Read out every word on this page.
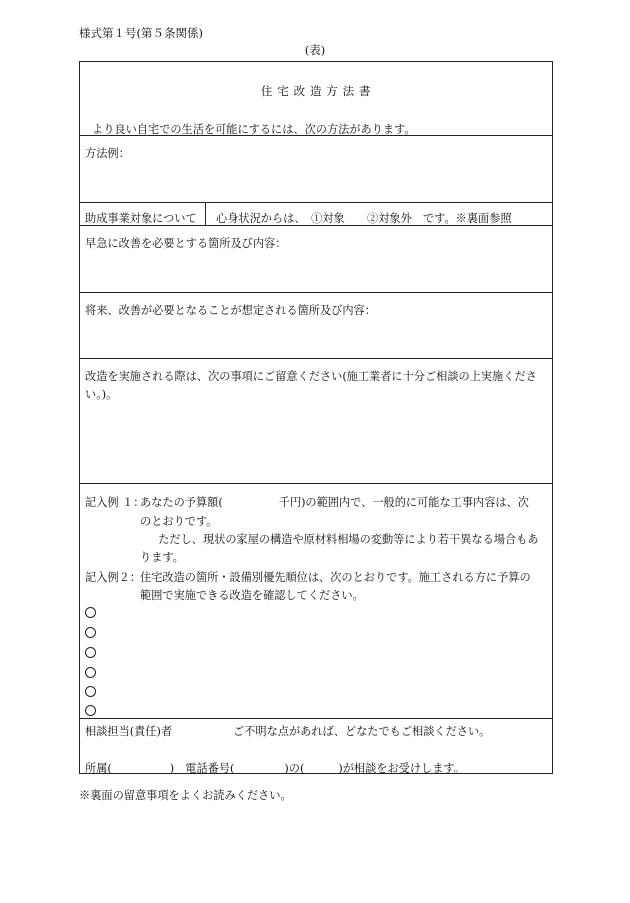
様式第１号(第５条関係)
(表)
住 宅 改 造 方 法 書
より良い自宅での生活を可能にするには、次の方法があります。
方法例：
助成事業対象について 心身状況からは、　①対象　　②対象外　です。※裏面参照
早急に改善を必要とする箇所及び内容：
将来、改善が必要となることが想定される箇所及び内容：
改造を実施される際は、次の事項にご留意ください(施工業者に十分ご相談の上実施ください。)。
記入例 １：
あなたの予算額(	千円)の範囲内で、一般的に可能な工事内容は、次
のとおりです。
　ただし、現状の家屋の構造や原材料相場の変動等により若干異なる場合もあ
ります。
記入例２： 住宅改造の箇所・設備別優先順位は、次のとおりです。施工される方に予算の
範囲で実施できる改造を確認してください。
相談担当(責任)者	ご不明な点があれば、どなたでもご相談ください。
所属(	)　電話番号(	)の(	)が相談をお受けします。
※裏面の留意事項をよくお読みください。
